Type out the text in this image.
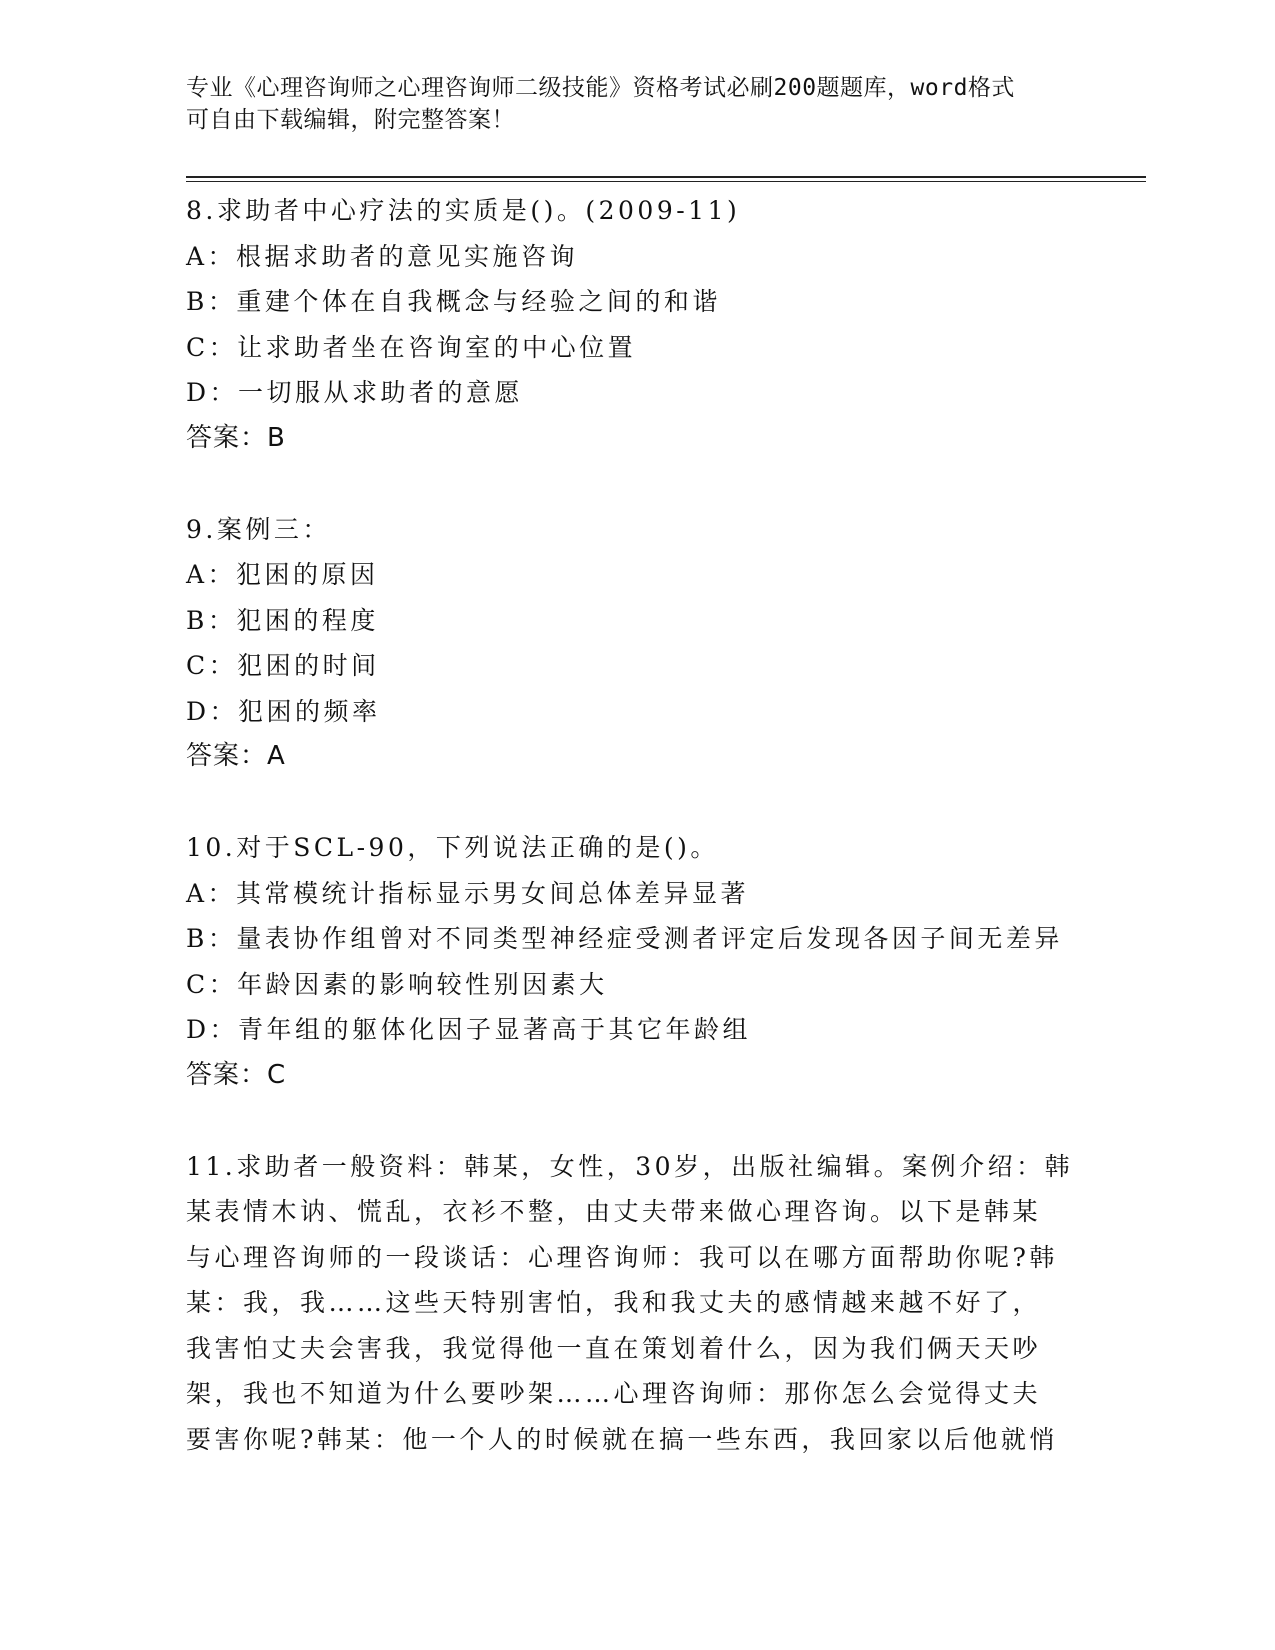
专业《心理咨询师之心理咨询师二级技能》资格考试必刷200题题库，word格式
可自由下载编辑，附完整答案！
8.求助者中心疗法的实质是()。(2009-11)
A：根据求助者的意见实施咨询
B：重建个体在自我概念与经验之间的和谐
C：让求助者坐在咨询室的中心位置
D：一切服从求助者的意愿
答案：B
9.案例三：
A：犯困的原因
B：犯困的程度
C：犯困的时间
D：犯困的频率
答案：A
10.对于SCL-90，下列说法正确的是()。
A：其常模统计指标显示男女间总体差异显著
B：量表协作组曾对不同类型神经症受测者评定后发现各因子间无差异
C：年龄因素的影响较性别因素大
D：青年组的躯体化因子显著高于其它年龄组
答案：C
11.求助者一般资料：韩某，女性，30岁，出版社编辑。案例介绍：韩
某表情木讷、慌乱，衣衫不整，由丈夫带来做心理咨询。以下是韩某
与心理咨询师的一段谈话：心理咨询师：我可以在哪方面帮助你呢?韩
某：我，我……这些天特别害怕，我和我丈夫的感情越来越不好了，
我害怕丈夫会害我，我觉得他一直在策划着什么，因为我们俩天天吵
架，我也不知道为什么要吵架……心理咨询师：那你怎么会觉得丈夫
要害你呢?韩某：他一个人的时候就在搞一些东西，我回家以后他就悄
